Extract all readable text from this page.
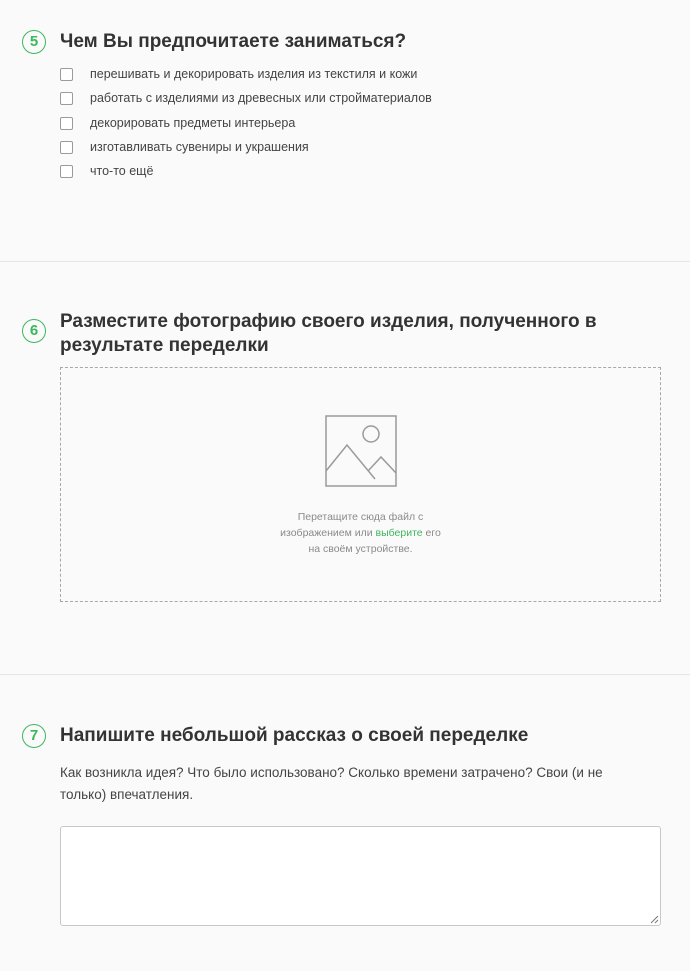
5	Чем Вы предпочитаете заниматься?
перешивать и декорировать изделия из текстиля и кожи
работать с изделиями из древесных или стройматериалов
декорировать предметы интерьера
изготавливать сувениры и украшения
что-то ещё
6	Разместите фотографию своего изделия, полученного в результате переделки
Перетащите сюда файл с
изображением или выберите его
на своём устройстве.
7	Напишите небольшой рассказ о своей переделке
Как возникла идея? Что было использовано? Сколько времени затрачено? Свои (и не только) впечатления.
